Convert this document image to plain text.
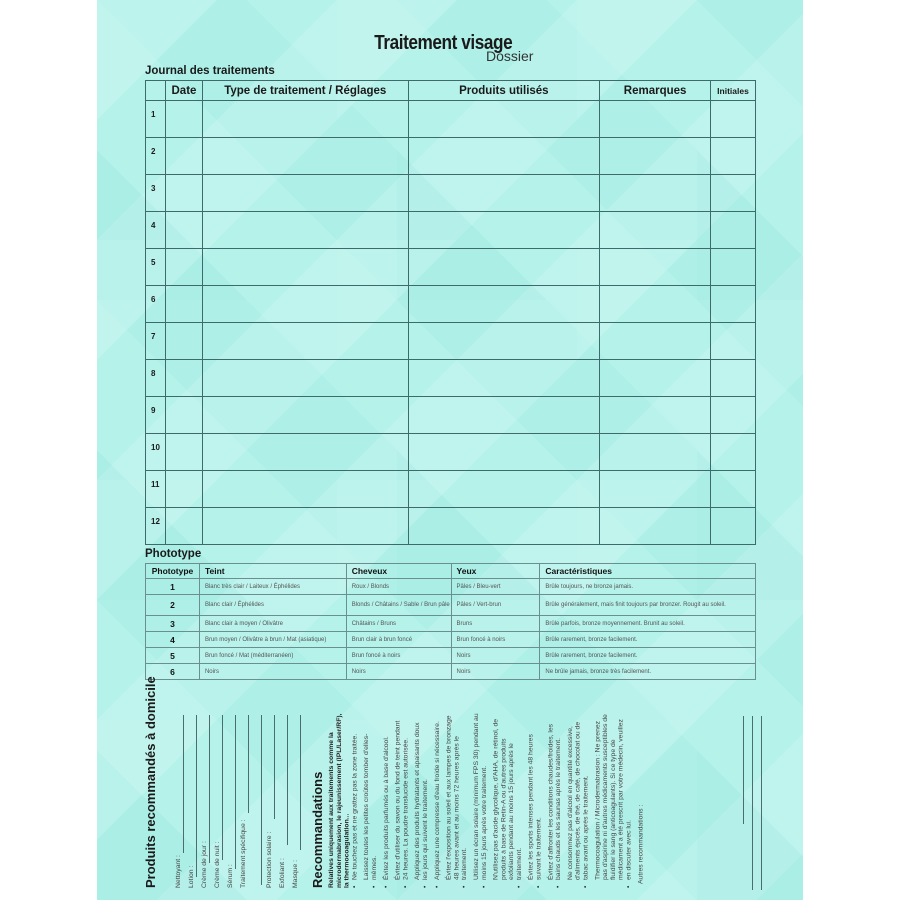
Traitement visage
Dossier
Journal des traitements
	Date	Type de traitement / Réglages	Produits utilisés	Remarques	Initiales
1					
2					
3					
4					
5					
6					
7					
8					
9					
10					
11					
12					
Phototype
Phototype	Teint	Cheveux	Yeux	Caractéristiques
1	Blanc très clair / Laiteux / Éphélides	Roux / Blonds	Pâles / Bleu-vert	Brûle toujours, ne bronze jamais.
2	Blanc clair / Éphélides	Blonds / Châtains / Sable / Brun pâle	Pâles / Vert-brun	Brûle généralement, mais finit toujours par bronzer. Rougit au soleil.
3	Blanc clair à moyen / Olivâtre	Châtains / Bruns	Bruns	Brûle parfois, bronze moyennement. Brunit au soleil.
4	Brun moyen / Olivâtre à brun / Mat (asiatique)	Brun clair à brun foncé	Brun foncé à noirs	Brûle rarement, bronze facilement.
5	Brun foncé / Mat (méditerranéen)	Brun foncé à noirs	Noirs	Brûle rarement, bronze facilement.
6	Noirs	Noirs	Noirs	Ne brûle jamais, bronze très facilement.
Produits recommandés à domicile	Nettoyant : Lotion : Crème de jour : Crème de nuit : Sérum : Traitement spécifique :	Protection solaire : Exfoliant : Masque : Recommandations Relatives uniquement aux traitements comme la microdermabrasion, le rajeunissement (IPL/Laser/RF), la thermocoagulation... • Ne touchez pas et ne grattez pas la zone traitée. • Laissez toutes les petites croûtes tomber d'elles-mêmes. • Évitez les produits parfumés ou à base d'alcool. • Évitez d'utiliser du savon ou du fond de teint pendant 24 heures. La poudre translucide est autorisée. • Appliquez des produits hydratants et apaisants doux les jours qui suivent le traitement. • Appliquez une compresse d'eau froide si nécessaire. • Évitez l'exposition au soleil et aux lampes de bronzage 48 heures avant et au moins 72 heures après le traitement. • Utilisez un écran solaire (minimum FPS 30) pendant au moins 15 jours après votre traitement. • N'utilisez pas d'acide glycolique, d'AHA, de rétinol, de produits à base de Retin-A ou d'autres produits exfoliants pendant au moins 15 jours après le traitement. • Évitez les sports intenses pendant les 48 heures suivant le traitement. • Évitez d'affronter les conditions chaudes/froides, les bains chauds et les saunas après le traitement. • Ne consommez pas d'alcool en quantité excessive, d'aliments épicés, de thé, de café, de chocolat ou de tabac avant ou après le traitement. • Thermocoagulation / Microdermabrasion : Ne prenez pas d'aspirine ni d'autres médicaments susceptibles de fluidifier le sang (anticoagulants). Si ce type de médicament a été prescrit par votre médecin, veuillez en discuter avec lui. Autres recommandations :
